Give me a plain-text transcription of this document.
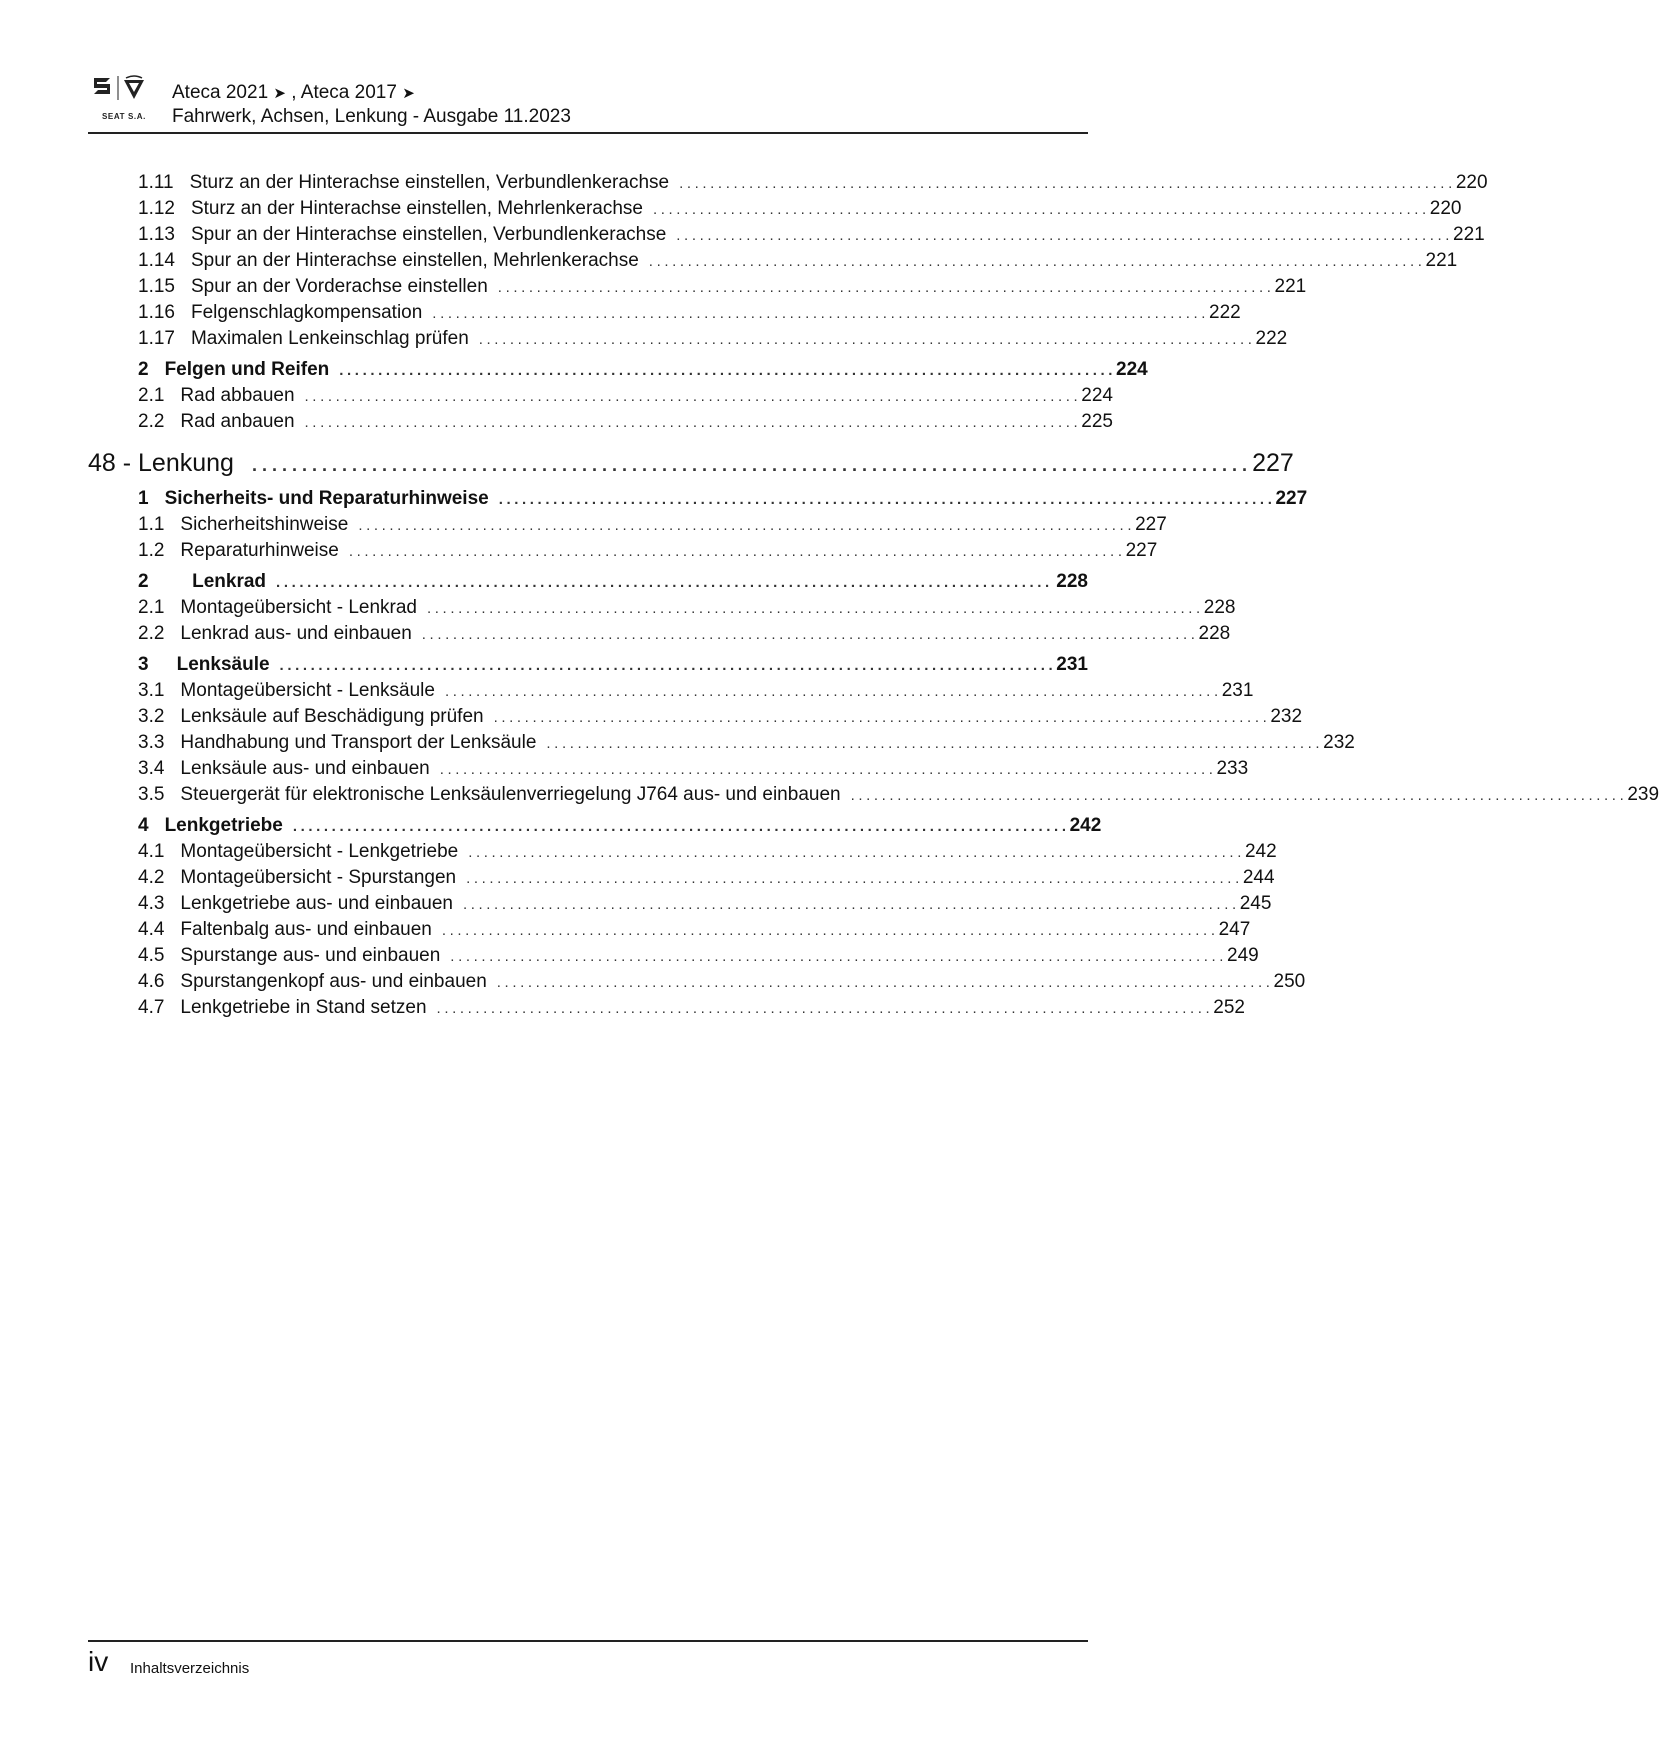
SEAT S.A.
Ateca 2021 ➤ , Ateca 2017 ➤
Fahrwerk, Achsen, Lenkung - Ausgabe 11.2023
1.11 Sturz an der Hinterachse einstellen, Verbundlenkerachse .................................................................................................... 220
1.12 Sturz an der Hinterachse einstellen, Mehrlenkerachse .................................................................................................... 220
1.13 Spur an der Hinterachse einstellen, Verbundlenkerachse .................................................................................................... 221
1.14 Spur an der Hinterachse einstellen, Mehrlenkerachse .................................................................................................... 221
1.15 Spur an der Vorderachse einstellen .................................................................................................... 221
1.16 Felgenschlagkompensation .................................................................................................... 222
1.17 Maximalen Lenkeinschlag prüfen .................................................................................................... 222
2 Felgen und Reifen .................................................................................................... 224
2.1 Rad abbauen .................................................................................................... 224
2.2 Rad anbauen .................................................................................................... 225
48 - Lenkung	.................................................................................................... 227
1 Sicherheits- und Reparaturhinweise .................................................................................................... 227
1.1 Sicherheitshinweise .................................................................................................... 227
1.2 Reparaturhinweise .................................................................................................... 227
2	Lenkrad .................................................................................................... 228
2.1 Montageübersicht - Lenkrad .................................................................................................... 228
2.2 Lenkrad aus- und einbauen .................................................................................................... 228
3	Lenksäule .................................................................................................... 231
3.1 Montageübersicht - Lenksäule .................................................................................................... 231
3.2 Lenksäule auf Beschädigung prüfen .................................................................................................... 232
3.3 Handhabung und Transport der Lenksäule .................................................................................................... 232
3.4 Lenksäule aus- und einbauen .................................................................................................... 233
3.5 Steuergerät für elektronische Lenksäulenverriegelung J764 aus- und einbauen .................................................................................................... 239
4 Lenkgetriebe .................................................................................................... 242
4.1 Montageübersicht - Lenkgetriebe .................................................................................................... 242
4.2 Montageübersicht - Spurstangen .................................................................................................... 244
4.3 Lenkgetriebe aus- und einbauen .................................................................................................... 245
4.4 Faltenbalg aus- und einbauen .................................................................................................... 247
4.5 Spurstange aus- und einbauen .................................................................................................... 249
4.6 Spurstangenkopf aus- und einbauen .................................................................................................... 250
4.7 Lenkgetriebe in Stand setzen .................................................................................................... 252
iv Inhaltsverzeichnis
